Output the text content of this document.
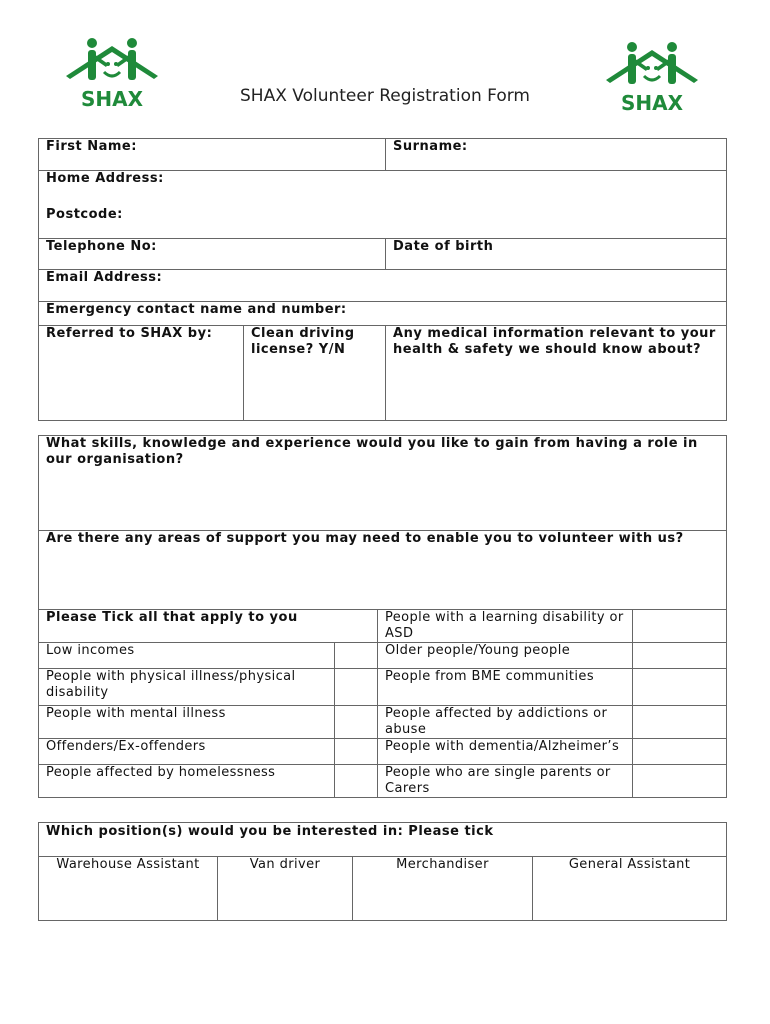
SHAX	SHAX
SHAX Volunteer Registration Form
First Name:		Surname:

Home Address:
Postcode:		

Telephone No:		Date of birth
Email Address:		
Emergency contact name and number:		
Referred to SHAX by:	Clean driving license? Y/N	Any medical information relevant to your health & safety we should know about?
What skills, knowledge and experience would you like to gain from having a role in our organisation?			
Are there any areas of support you may need to enable you to volunteer with us?			
Please Tick all that apply to you		People with a learning disability or ASD	
Low incomes		Older people/Young people	
People with physical illness/physical disability		People from BME communities	
People with mental illness		People affected by addictions or abuse	
Offenders/Ex-offenders		People with dementia/Alzheimer’s	
People affected by homelessness		People who are single parents or Carers	
Which position(s) would you be interested in: Please tick
Warehouse Assistant	Van driver	Merchandiser	General Assistant
